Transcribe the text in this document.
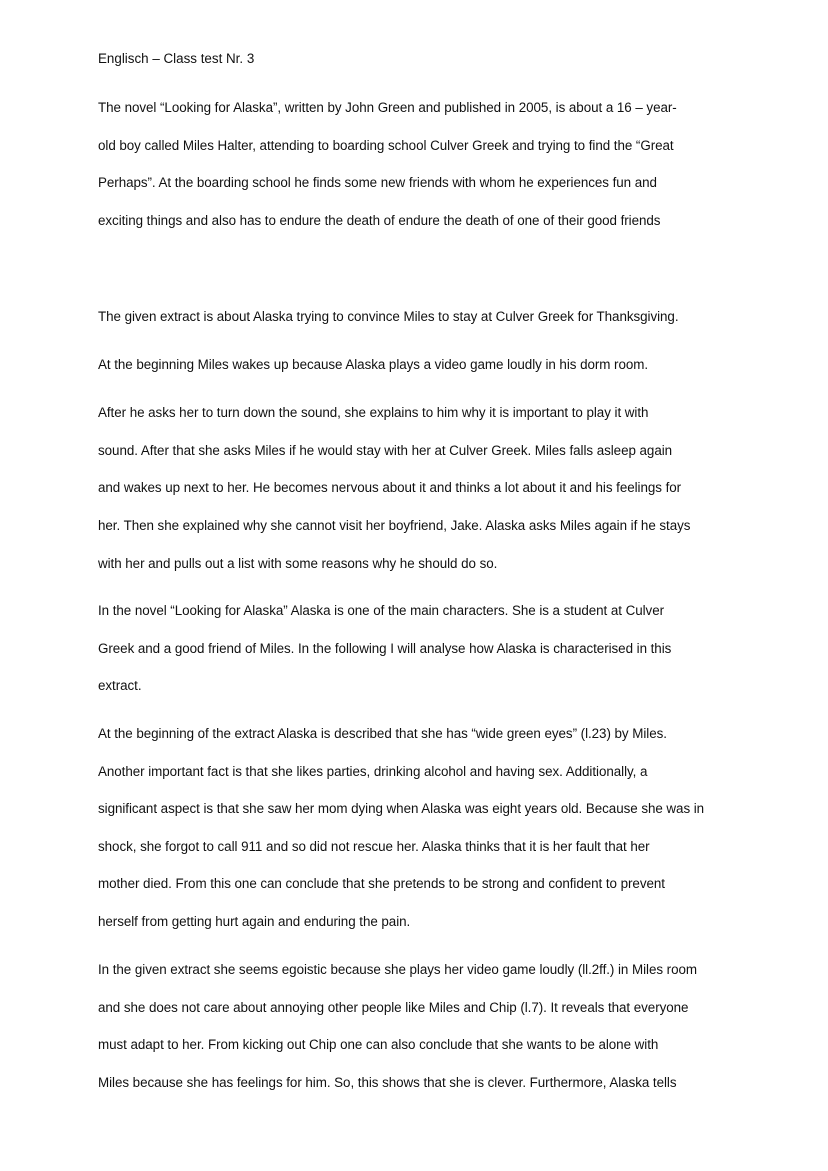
Englisch – Class test Nr. 3
The novel “Looking for Alaska”, written by John Green and published in 2005, is about a 16 – year-
old boy called Miles Halter, attending to boarding school Culver Greek and trying to find the “Great
Perhaps”. At the boarding school he finds some new friends with whom he experiences fun and
exciting things and also has to endure the death of endure the death of one of their good friends
The given extract is about Alaska trying to convince Miles to stay at Culver Greek for Thanksgiving.
At the beginning Miles wakes up because Alaska plays a video game loudly in his dorm room.
After he asks her to turn down the sound, she explains to him why it is important to play it with
sound. After that she asks Miles if he would stay with her at Culver Greek. Miles falls asleep again
and wakes up next to her. He becomes nervous about it and thinks a lot about it and his feelings for
her. Then she explained why she cannot visit her boyfriend, Jake. Alaska asks Miles again if he stays
with her and pulls out a list with some reasons why he should do so.
In the novel “Looking for Alaska” Alaska is one of the main characters. She is a student at Culver
Greek and a good friend of Miles. In the following I will analyse how Alaska is characterised in this
extract.
At the beginning of the extract Alaska is described that she has “wide green eyes” (l.23) by Miles.
Another important fact is that she likes parties, drinking alcohol and having sex. Additionally, a
significant aspect is that she saw her mom dying when Alaska was eight years old. Because she was in
shock, she forgot to call 911 and so did not rescue her. Alaska thinks that it is her fault that her
mother died. From this one can conclude that she pretends to be strong and confident to prevent
herself from getting hurt again and enduring the pain.
In the given extract she seems egoistic because she plays her video game loudly (ll.2ff.) in Miles room
and she does not care about annoying other people like Miles and Chip (l.7). It reveals that everyone
must adapt to her. From kicking out Chip one can also conclude that she wants to be alone with
Miles because she has feelings for him. So, this shows that she is clever. Furthermore, Alaska tells
